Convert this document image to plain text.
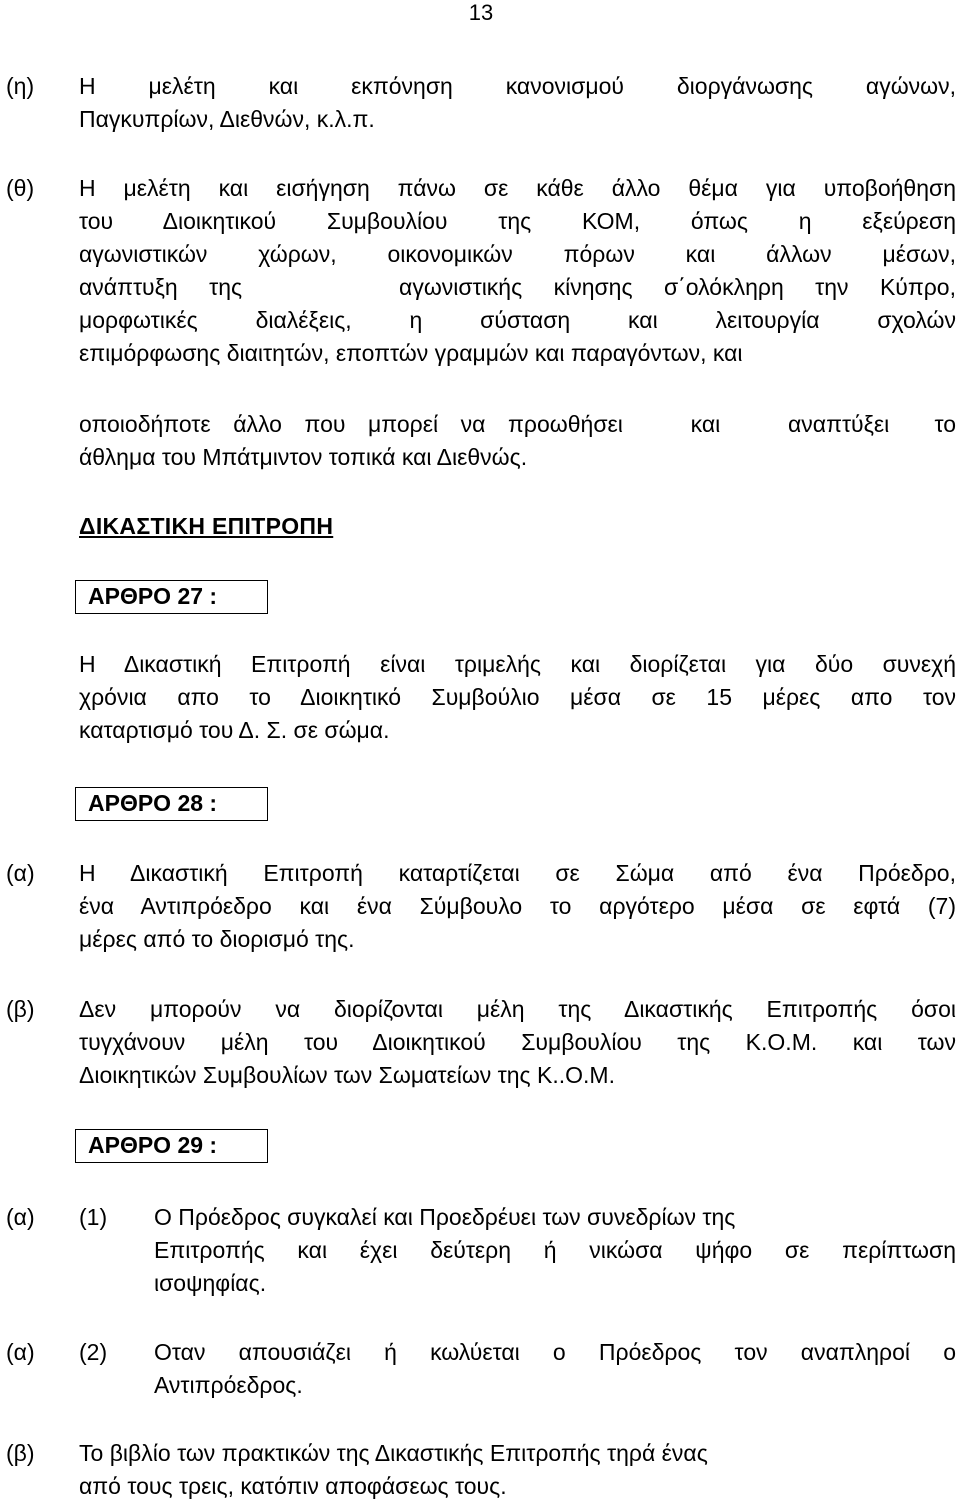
13
(η) Η μελέτη και εκπόνηση κανονισμού διοργάνωσης αγώνων,
Παγκυπρίων, Διεθνών, κ.λ.π.
(θ) Η μελέτη και εισήγηση πάνω σε κάθε άλλο θέμα για υποβοήθηση
του Διοικητικού Συμβουλίου της ΚΟΜ, όπως η εξεύρεση
αγωνιστικών χώρων, οικονομικών πόρων και άλλων μέσων,
ανάπτυξη της     αγωνιστικής κίνησης σ΄ολόκληρη την Κύπρο,
μορφωτικές διαλέξεις, η σύσταση και λειτουργία σχολών
επιμόρφωσης διαιτητών, εποπτών γραμμών και παραγόντων, και
οποιοδήποτε άλλο που μπορεί να προωθήσει   και   αναπτύξει  το
άθλημα του Μπάτμιντον τοπικά και Διεθνώς.
ΔΙΚΑΣΤΙΚΗ ΕΠΙΤΡΟΠΗ
ΑΡΘΡΟ 27 :
Η Δικαστική Επιτροπή είναι τριμελής και διορίζεται για δύο συνεχή
χρόνια απο το Διοικητικό Συμβούλιο μέσα σε 15 μέρες απο τον
καταρτισμό του Δ. Σ. σε σώμα.
ΑΡΘΡΟ 28 :
(α) Η Δικαστική Επιτροπή καταρτίζεται σε Σώμα από ένα Πρόεδρο,
ένα Αντιπρόεδρο και ένα Σύμβουλο το αργότερο μέσα σε εφτά (7)
μέρες από το διορισμό της.
(β) Δεν μπορούν να διορίζονται μέλη της Δικαστικής Επιτροπής όσοι
τυγχάνουν μέλη του Διοικητικού Συμβουλίου της Κ.Ο.Μ. και των
Διοικητικών Συμβουλίων των Σωματείων της Κ..Ο.Μ.
ΑΡΘΡΟ 29 :
(α) (1) Ο Πρόεδρος συγκαλεί και Προεδρέυει των συνεδρίων της
Επιτροπής και έχει δεύτερη ή νικώσα ψήφο σε περίπτωση
ισοψηφίας.
(α) (2) Οταν απουσιάζει ή κωλύεται ο Πρόεδρος τον αναπληροί ο
Αντιπρόεδρος.
(β) Το βιβλίο των πρακτικών της Δικαστικής Επιτροπής τηρά ένας
από τους τρεις, κατόπιν αποφάσεως τους.
